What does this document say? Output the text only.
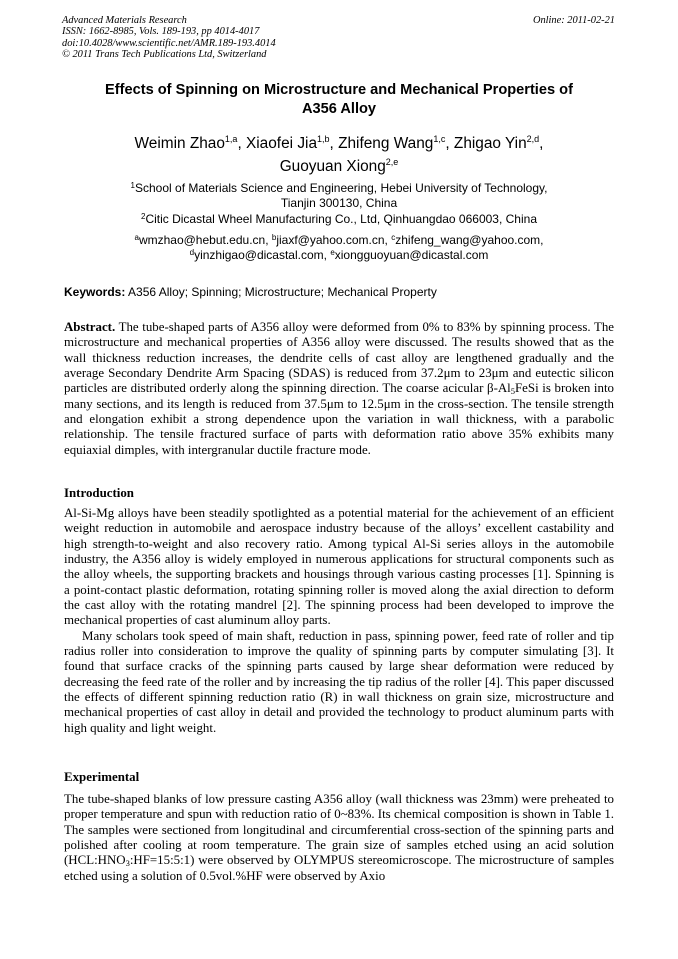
Advanced Materials Research
ISSN: 1662-8985, Vols. 189-193, pp 4014-4017
doi:10.4028/www.scientific.net/AMR.189-193.4014
© 2011 Trans Tech Publications Ltd, Switzerland
Online: 2011-02-21
Effects of Spinning on Microstructure and Mechanical Properties of
A356 Alloy
Weimin Zhao$^{1,a}$, Xiaofei Jia$^{1,b}$, Zhifeng Wang$^{1,c}$, Zhigao Yin$^{2,d}$,
Guoyuan Xiong$^{2,e}$
$^1$School of Materials Science and Engineering, Hebei University of Technology,
Tianjin 300130, China
$^2$Citic Dicastal Wheel Manufacturing Co., Ltd, Qinhuangdao 066003, China
$^a$wmzhao@hebut.edu.cn, $^b$jiaxf@yahoo.com.cn, $^c$zhifeng_wang@yahoo.com,
$^d$yinzhigao@dicastal.com, $^e$xiongguoyuan@dicastal.com
Keywords: A356 Alloy; Spinning; Microstructure; Mechanical Property

Abstract. The tube-shaped parts of A356 alloy were deformed from 0% to 83% by spinning process. The microstructure and mechanical properties of A356 alloy were discussed. The results showed that as the wall thickness reduction increases, the dendrite cells of cast alloy are lengthened gradually and the average Secondary Dendrite Arm Spacing (SDAS) is reduced from 37.2μm to 23μm and eutectic silicon particles are distributed orderly along the spinning direction. The coarse acicular $\beta-Al_5FeSi$ is broken into many sections, and its length is reduced from 37.5μm to 12.5μm in the cross-section. The tensile strength and elongation exhibit a strong dependence upon the variation in wall thickness, with a parabolic relationship. The tensile fractured surface of parts with deformation ratio above 35% exhibits many equiaxial dimples, with intergranular ductile fracture mode.

Introduction

Al-Si-Mg alloys have been steadily spotlighted as a potential material for the achievement of an efficient weight reduction in automobile and aerospace industry because of the alloys’ excellent castability and high strength-to-weight and also recovery ratio. Among typical Al-Si series alloys in the automobile industry, the A356 alloy is widely employed in numerous applications for structural components such as the alloy wheels, the supporting brackets and housings through various casting processes [1]. Spinning is a point-contact plastic deformation, rotating spinning roller is moved along the axial direction to deform the cast alloy with the rotating mandrel [2]. The spinning process had been developed to improve the mechanical properties of cast aluminum alloy parts.

Many scholars took speed of main shaft, reduction in pass, spinning power, feed rate of roller and tip radius roller into consideration to improve the quality of spinning parts by computer simulating [3]. It found that surface cracks of the spinning parts caused by large shear deformation were reduced by decreasing the feed rate of the roller and by increasing the tip radius of the roller [4]. This paper discussed the effects of different spinning reduction ratio (R) in wall thickness on grain size, microstructure and mechanical properties of cast alloy in detail and provided the technology to product aluminum parts with high quality and light weight.

Experimental

The tube-shaped blanks of low pressure casting A356 alloy (wall thickness was 23mm) were preheated to proper temperature and spun with reduction ratio of 0~83%. Its chemical composition is shown in Table 1. The samples were sectioned from longitudinal and circumferential cross-section of the spinning parts and polished after cooling at room temperature. The grain size of samples etched using an acid solution $(HCL:HNO_3:HF=15:5:1)$ were observed by OLYMPUS stereomicroscope. The microstructure of samples etched using a solution of 0.5vol.%HF were observed by Axio
